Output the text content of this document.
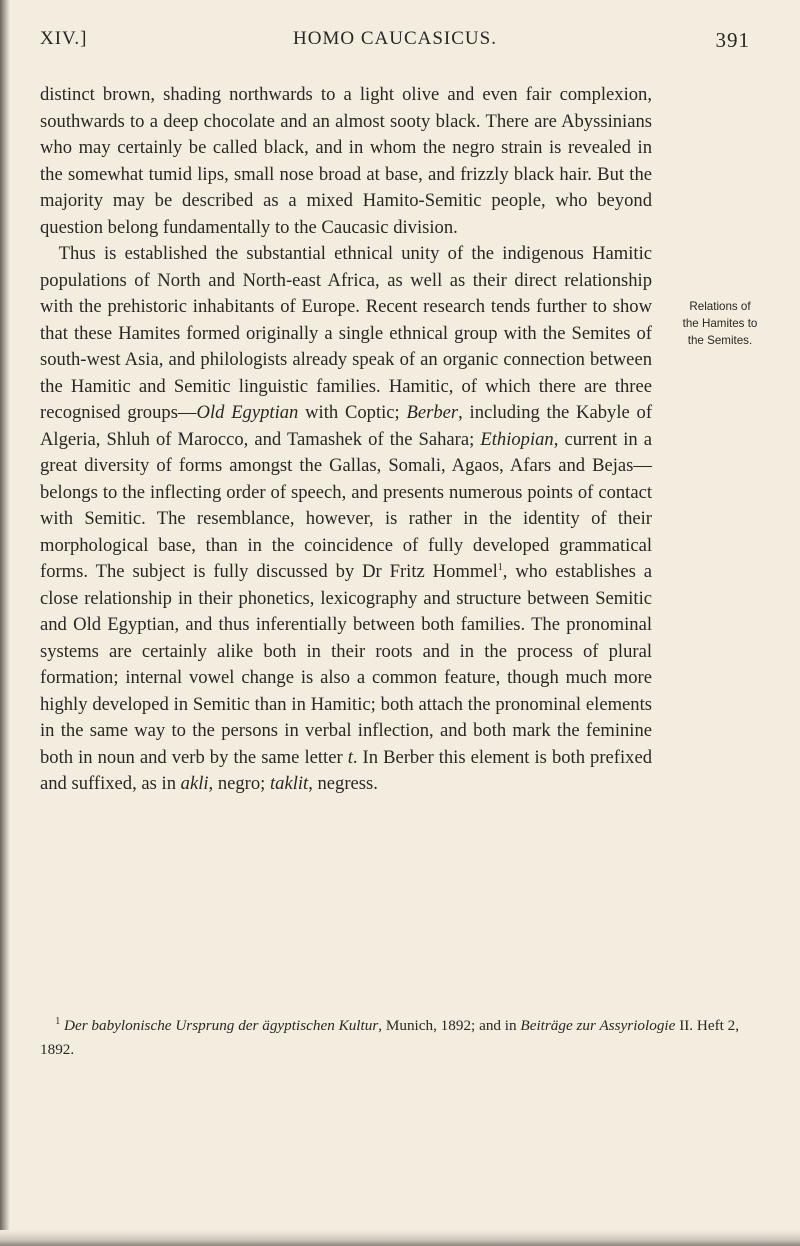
XIV.]	HOMO CAUCASICUS.	391

distinct brown, shading northwards to a light olive and even fair complexion, southwards to a deep chocolate and an almost sooty black. There are Abyssinians who may certainly be called black, and in whom the negro strain is revealed in the somewhat tumid lips, small nose broad at base, and frizzly black hair. But the majority may be described as a mixed Hamito-Semitic people, who beyond question belong fundamentally to the Caucasic division.

Thus is established the substantial ethnical unity of the indigenous Hamitic populations of North and North-east Africa, as well as their direct relationship with the prehistoric inhabitants of Europe. Recent research tends further to show that these Hamites formed originally a single ethnical group with the Semites of south-west Asia, and philologists already speak of an organic connection between the Hamitic and Semitic linguistic families. Hamitic, of which there are three recognised groups—Old Egyptian with Coptic; Berber, including the Kabyle of Algeria, Shluh of Marocco, and Tamashek of the Sahara; Ethiopian, current in a great diversity of forms amongst the Gallas, Somali, Agaos, Afars and Bejas—belongs to the inflecting order of speech, and presents numerous points of contact with Semitic. The resemblance, however, is rather in the identity of their morphological base, than in the coincidence of fully developed grammatical forms. The subject is fully discussed by Dr Fritz Hommel$^1$, who establishes a close relationship in their phonetics, lexicography and structure between Semitic and Old Egyptian, and thus inferentially between both families. The pronominal systems are certainly alike both in their roots and in the process of plural formation; internal vowel change is also a common feature, though much more highly developed in Semitic than in Hamitic; both attach the pronominal elements in the same way to the persons in verbal inflection, and both mark the feminine both in noun and verb by the same letter t. In Berber this element is both prefixed and suffixed, as in akli, negro; taklit, negress.

Relations of
the Hamites to
the Semites.

$^1$ Der babylonische Ursprung der ägyptischen Kultur, Munich, 1892; and in Beiträge zur Assyriologie II. Heft 2, 1892.
